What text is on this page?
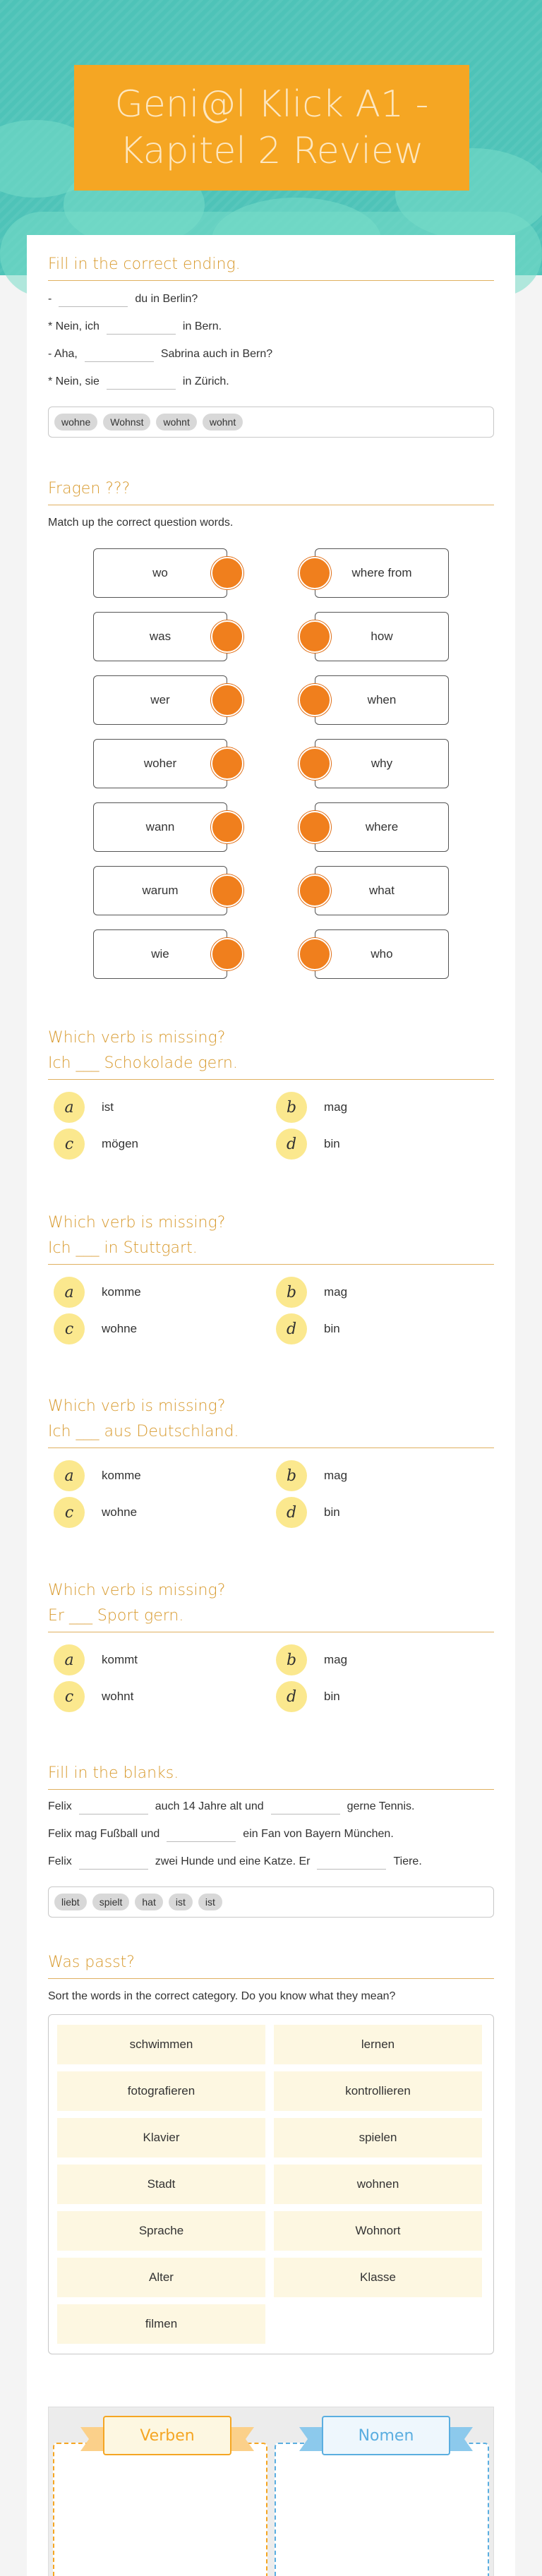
Geni@l Klick A1 - Kapitel 2 Review
Fill in the correct ending.
-	du in Berlin?
* Nein, ich	in Bern.
- Aha,	Sabrina auch in Bern?
* Nein, sie	in Zürich.
wohne	Wohnst	wohnt	wohnt
Fragen ???
Match up the correct question words.
wo	where from
was	how
wer	when
woher	why
wann	where
warum	what
wie	who
Which verb is missing?
Ich ___ Schokolade gern.
a	ist	b	mag
c	mögen	d	bin
Which verb is missing?
Ich ___ in Stuttgart.
a	komme	b	mag
c	wohne	d	bin
Which verb is missing?
Ich ___ aus Deutschland.
a	komme	b	mag
c	wohne	d	bin
Which verb is missing?
Er ___ Sport gern.
a	kommt	b	mag
c	wohnt	d	bin
Fill in the blanks.
Felix	auch 14 Jahre alt und	gerne Tennis.
Felix mag Fußball und	ein Fan von Bayern München.
Felix	zwei Hunde und eine Katze. Er	Tiere.
liebt	spielt	hat	ist	ist
Was passt?
Sort the words in the correct category. Do you know what they mean?
schwimmen	lernen
fotografieren	kontrollieren
Klavier	spielen
Stadt	wohnen
Sprache	Wohnort
Alter	Klasse
filmen
Verben	Nomen
